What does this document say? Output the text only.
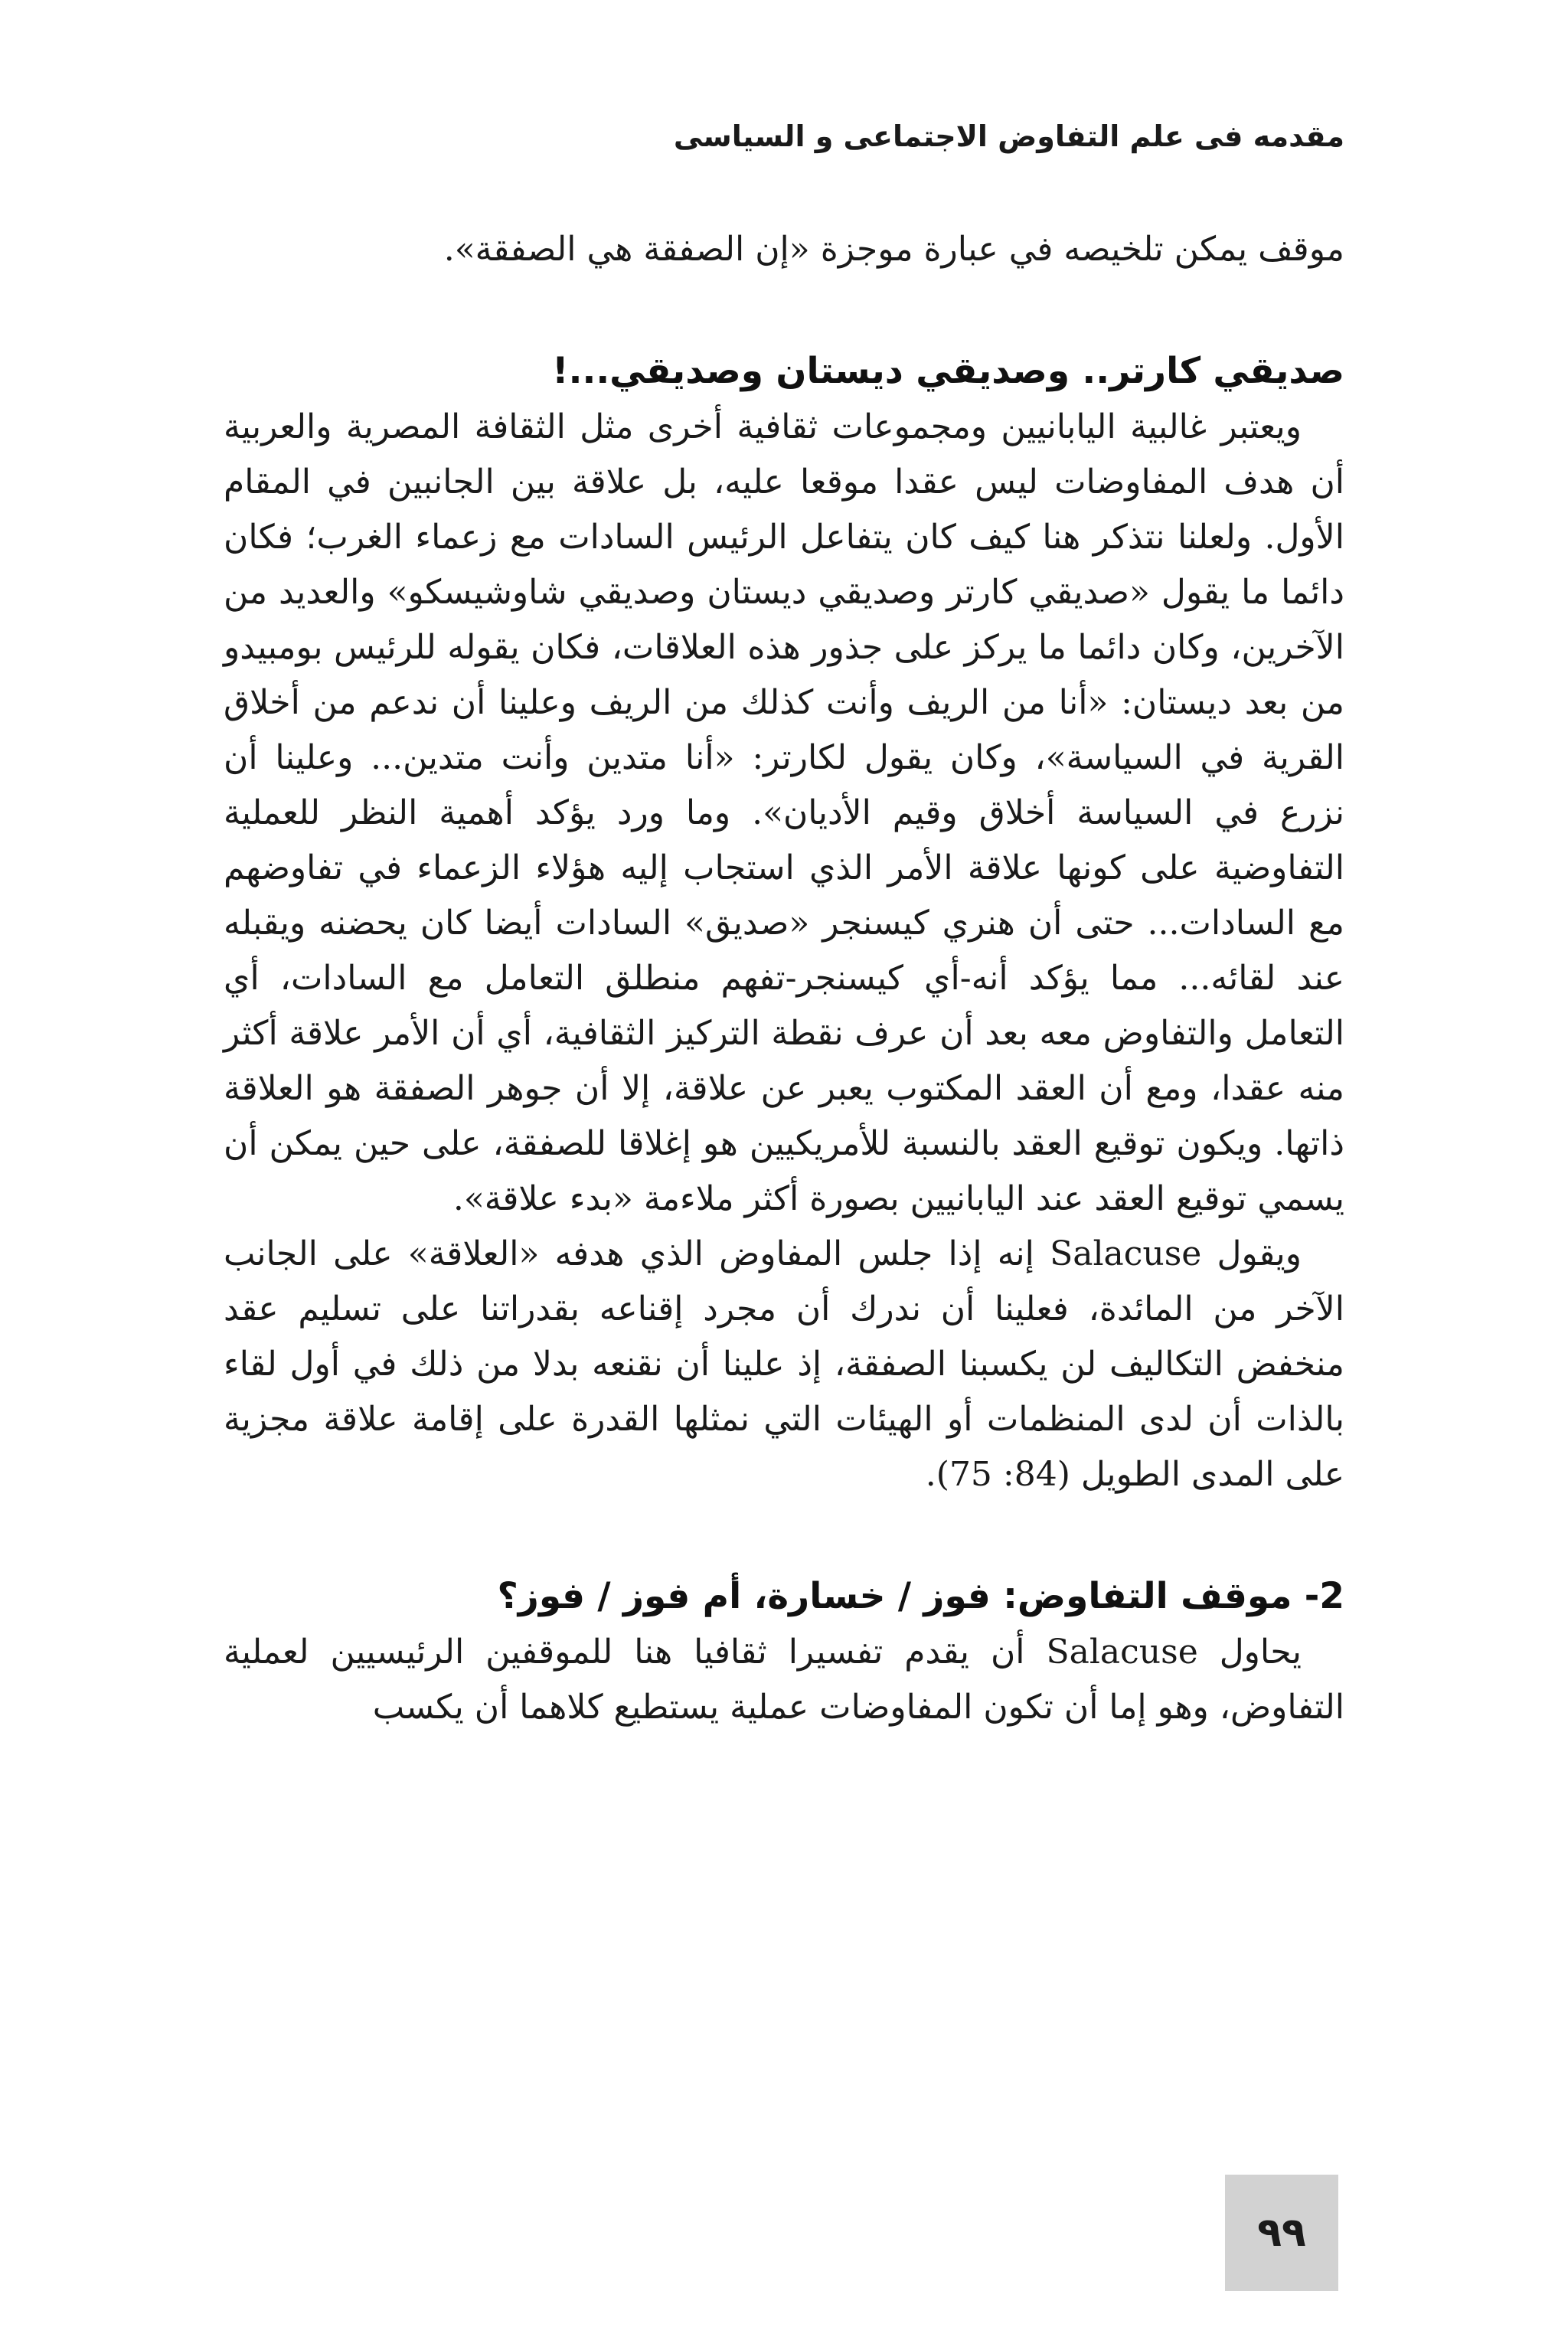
مقدمه فى علم التفاوض الاجتماعى و السياسى

موقف يمكن تلخيصه في عبارة موجزة «إن الصفقة هي الصفقة».

صديقي كارتر.. وصديقي ديستان وصديقي...!

ويعتبر غالبية اليابانيين ومجموعات ثقافية أخرى مثل الثقافة المصرية والعربية أن هدف المفاوضات ليس عقدا موقعا عليه، بل علاقة بين الجانبين في المقام الأول. ولعلنا نتذكر هنا كيف كان يتفاعل الرئيس السادات مع زعماء الغرب؛ فكان دائما ما يقول «صديقي كارتر وصديقي ديستان وصديقي شاوشيسكو» والعديد من الآخرين، وكان دائما ما يركز على جذور هذه العلاقات، فكان يقوله للرئيس بومبيدو من بعد ديستان: «أنا من الريف وأنت كذلك من الريف وعلينا أن ندعم من أخلاق القرية في السياسة»، وكان يقول لكارتر: «أنا متدين وأنت متدين... وعلينا أن نزرع في السياسة أخلاق وقيم الأديان». وما ورد يؤكد أهمية النظر للعملية التفاوضية على كونها علاقة الأمر الذي استجاب إليه هؤلاء الزعماء في تفاوضهم مع السادات... حتى أن هنري كيسنجر «صديق» السادات أيضا كان يحضنه ويقبله عند لقائه... مما يؤكد أنه-أي كيسنجر-تفهم منطلق التعامل مع السادات، أي التعامل والتفاوض معه بعد أن عرف نقطة التركيز الثقافية، أي أن الأمر علاقة أكثر منه عقدا، ومع أن العقد المكتوب يعبر عن علاقة، إلا أن جوهر الصفقة هو العلاقة ذاتها. ويكون توقيع العقد بالنسبة للأمريكيين هو إغلاقا للصفقة، على حين يمكن أن يسمي توقيع العقد عند اليابانيين بصورة أكثر ملاءمة «بدء علاقة».

ويقول Salacuse إنه إذا جلس المفاوض الذي هدفه «العلاقة» على الجانب الآخر من المائدة، فعلينا أن ندرك أن مجرد إقناعه بقدراتنا على تسليم عقد منخفض التكاليف لن يكسبنا الصفقة، إذ علينا أن نقنعه بدلا من ذلك في أول لقاء بالذات أن لدى المنظمات أو الهيئات التي نمثلها القدرة على إقامة علاقة مجزية على المدى الطويل (84: 75).

2- موقف التفاوض: فوز / خسارة، أم فوز / فوز؟

يحاول Salacuse أن يقدم تفسيرا ثقافيا هنا للموقفين الرئيسيين لعملية التفاوض، وهو إما أن تكون المفاوضات عملية يستطيع كلاهما أن يكسب

٩٩
